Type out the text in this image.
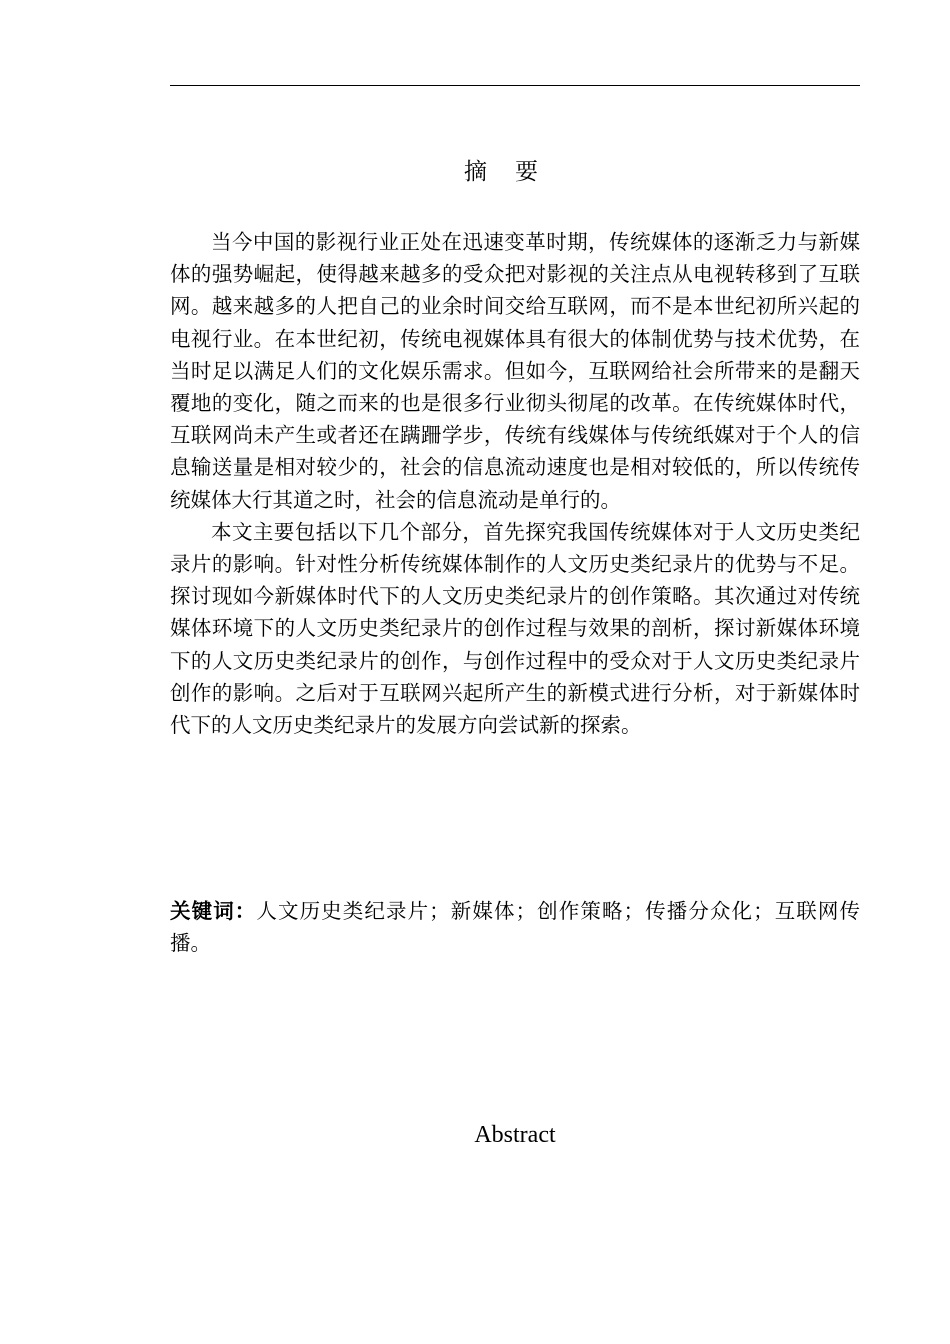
摘要

当今中国的影视行业正处在迅速变革时期，传统媒体的逐渐乏力与新媒体的强势崛起，使得越来越多的受众把对影视的关注点从电视转移到了互联网。越来越多的人把自己的业余时间交给互联网，而不是本世纪初所兴起的电视行业。在本世纪初，传统电视媒体具有很大的体制优势与技术优势，在当时足以满足人们的文化娱乐需求。但如今，互联网给社会所带来的是翻天覆地的变化，随之而来的也是很多行业彻头彻尾的改革。在传统媒体时代，互联网尚未产生或者还在蹒跚学步，传统有线媒体与传统纸媒对于个人的信息输送量是相对较少的，社会的信息流动速度也是相对较低的，所以传统传统媒体大行其道之时，社会的信息流动是单行的。

本文主要包括以下几个部分，首先探究我国传统媒体对于人文历史类纪录片的影响。针对性分析传统媒体制作的人文历史类纪录片的优势与不足。探讨现如今新媒体时代下的人文历史类纪录片的创作策略。其次通过对传统媒体环境下的人文历史类纪录片的创作过程与效果的剖析，探讨新媒体环境下的人文历史类纪录片的创作，与创作过程中的受众对于人文历史类纪录片创作的影响。之后对于互联网兴起所产生的新模式进行分析，对于新媒体时代下的人文历史类纪录片的发展方向尝试新的探索。

关键词：人文历史类纪录片；新媒体；创作策略；传播分众化；互联网传播。
Abstract
